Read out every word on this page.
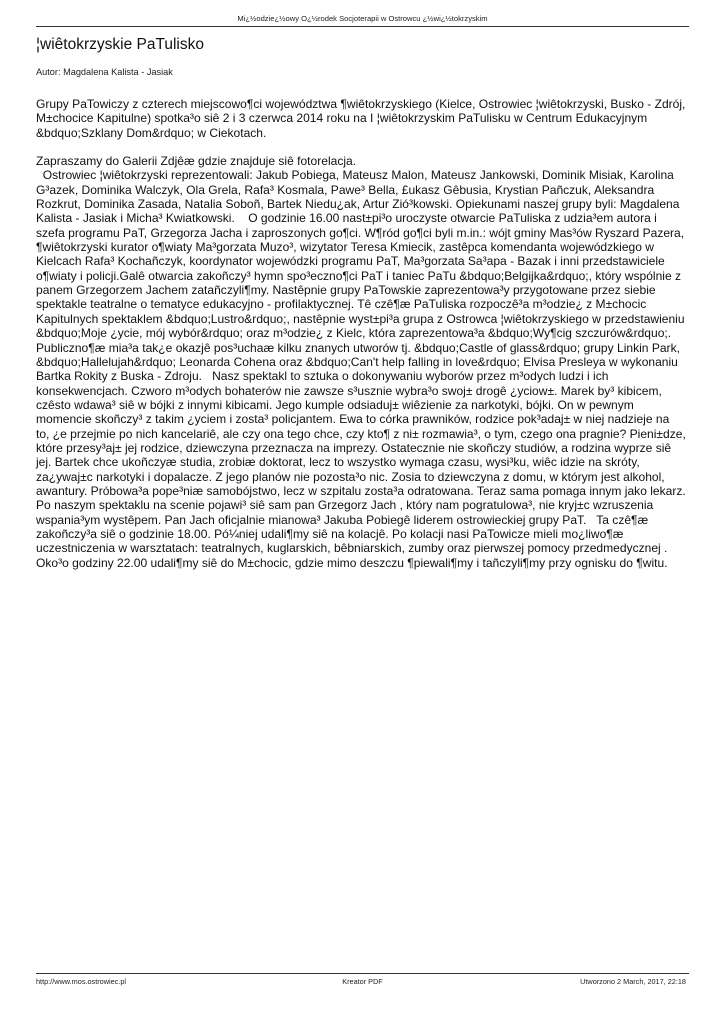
Mi¿½odzie¿½owy O¿½rodek Socjoterapii w Ostrowcu ¿½wi¿½tokrzyskim
¦wiêtokrzyskie PaTulisko
Autor: Magdalena Kalista - Jasiak

Grupy PaTowiczy z czterech miejscowo¶ci województwa ¶wiêtokrzyskiego (Kielce, Ostrowiec ¦wiêtokrzyski, Busko - Zdrój, M±chocice Kapitulne) spotka³o siê 2 i 3 czerwca 2014 roku na I ¦wiêtokrzyskim PaTulisku w Centrum Edukacyjnym &bdquo;Szklany Dom&rdquo; w Ciekotach.

Zapraszamy do Galerii Zdjêæ gdzie znajduje siê fotorelacja.
Ostrowiec ¦wiêtokrzyski reprezentowali: Jakub Pobiega, Mateusz Malon, Mateusz Jankowski, Dominik Misiak, Karolina G³azek, Dominika Walczyk, Ola Grela, Rafa³ Kosmala, Pawe³ Bella, £ukasz Gêbusia, Krystian Pañczuk, Aleksandra Rozkrut, Dominika Zasada, Natalia Soboñ, Bartek Niedu¿ak, Artur Zió³kowski. Opiekunami naszej grupy byli: Magdalena Kalista - Jasiak i Micha³ Kwiatkowski.    O godzinie 16.00 nast±pi³o uroczyste otwarcie PaTuliska z udzia³em autora i szefa programu PaT, Grzegorza Jacha i zaproszonych go¶ci. W¶ród go¶ci byli m.in.: wójt gminy Mas³ów Ryszard Pazera, ¶wiêtokrzyski kurator o¶wiaty Ma³gorzata Muzo³, wizytator Teresa Kmiecik, zastêpca komendanta wojewódzkiego w Kielcach Rafa³ Kochañczyk, koordynator wojewódzki programu PaT, Ma³gorzata Sa³apa - Bazak i inni przedstawiciele o¶wiaty i policji.Galê otwarcia zakoñczy³ hymn spo³eczno¶ci PaT i taniec PaTu &bdquo;Belgijka&rdquo;, który wspólnie z panem Grzegorzem Jachem zatañczyli¶my. Nastêpnie grupy PaTowskie zaprezentowa³y przygotowane przez siebie spektakle teatralne o tematyce edukacyjno - profilaktycznej. Tê czê¶æ PaTuliska rozpoczê³a m³odzie¿ z M±chocic Kapitulnych spektaklem &bdquo;Lustro&rdquo;, nastêpnie wyst±pi³a grupa z Ostrowca ¦wiêtokrzyskiego w przedstawieniu &bdquo;Moje ¿ycie, mój wybór&rdquo; oraz m³odzie¿ z Kielc, która zaprezentowa³a &bdquo;Wy¶cig szczurów&rdquo;. Publiczno¶æ mia³a tak¿e okazjê pos³uchaæ kilku znanych utworów tj. &bdquo;Castle of glass&rdquo; grupy Linkin Park, &bdquo;Hallelujah&rdquo; Leonarda Cohena oraz &bdquo;Can't help falling in love&rdquo; Elvisa Presleya w wykonaniu Bartka Rokity z Buska - Zdroju.   Nasz spektakl to sztuka o dokonywaniu wyborów przez m³odych ludzi i ich konsekwencjach. Czworo m³odych bohaterów nie zawsze s³usznie wybra³o swoj± drogê ¿yciow±. Marek by³ kibicem, czêsto wdawa³ siê w bójki z innymi kibicami. Jego kumple odsiaduj± wiêzienie za narkotyki, bójki. On w pewnym momencie skoñczy³ z takim ¿yciem i zosta³ policjantem. Ewa to córka prawników, rodzice pok³adaj± w niej nadzieje na to, ¿e przejmie po nich kancelariê, ale czy ona tego chce, czy kto¶ z ni± rozmawia³, o tym, czego ona pragnie? Pieni±dze, które przesy³aj± jej rodzice, dziewczyna przeznacza na imprezy. Ostatecznie nie skoñczy studiów, a rodzina wyprze siê jej. Bartek chce ukoñczyæ studia, zrobiæ doktorat, lecz to wszystko wymaga czasu, wysi³ku, wiêc idzie na skróty, za¿ywaj±c narkotyki i dopalacze. Z jego planów nie pozosta³o nic. Zosia to dziewczyna z domu, w którym jest alkohol, awantury. Próbowa³a pope³niæ samobójstwo, lecz w szpitalu zosta³a odratowana. Teraz sama pomaga innym jako lekarz. Po naszym spektaklu na scenie pojawi³ siê sam pan Grzegorz Jach , który nam pogratulowa³, nie kryj±c wzruszenia wspania³ym wystêpem. Pan Jach oficjalnie mianowa³ Jakuba Pobiegê liderem ostrowieckiej grupy PaT.   Ta czê¶æ zakoñczy³a siê o godzinie 18.00. Pó¼niej udali¶my siê na kolacjê. Po kolacji nasi PaTowicze mieli mo¿liwo¶æ uczestniczenia w warsztatach: teatralnych, kuglarskich, bêbniarskich, zumby oraz pierwszej pomocy przedmedycznej .   Oko³o godziny 22.00 udali¶my siê do M±chocic, gdzie mimo deszczu ¶piewali¶my i tañczyli¶my przy ognisku do ¶witu.

http://www.mos.ostrowiec.pl	Kreator PDF	Utworzono 2 March, 2017, 22:18
